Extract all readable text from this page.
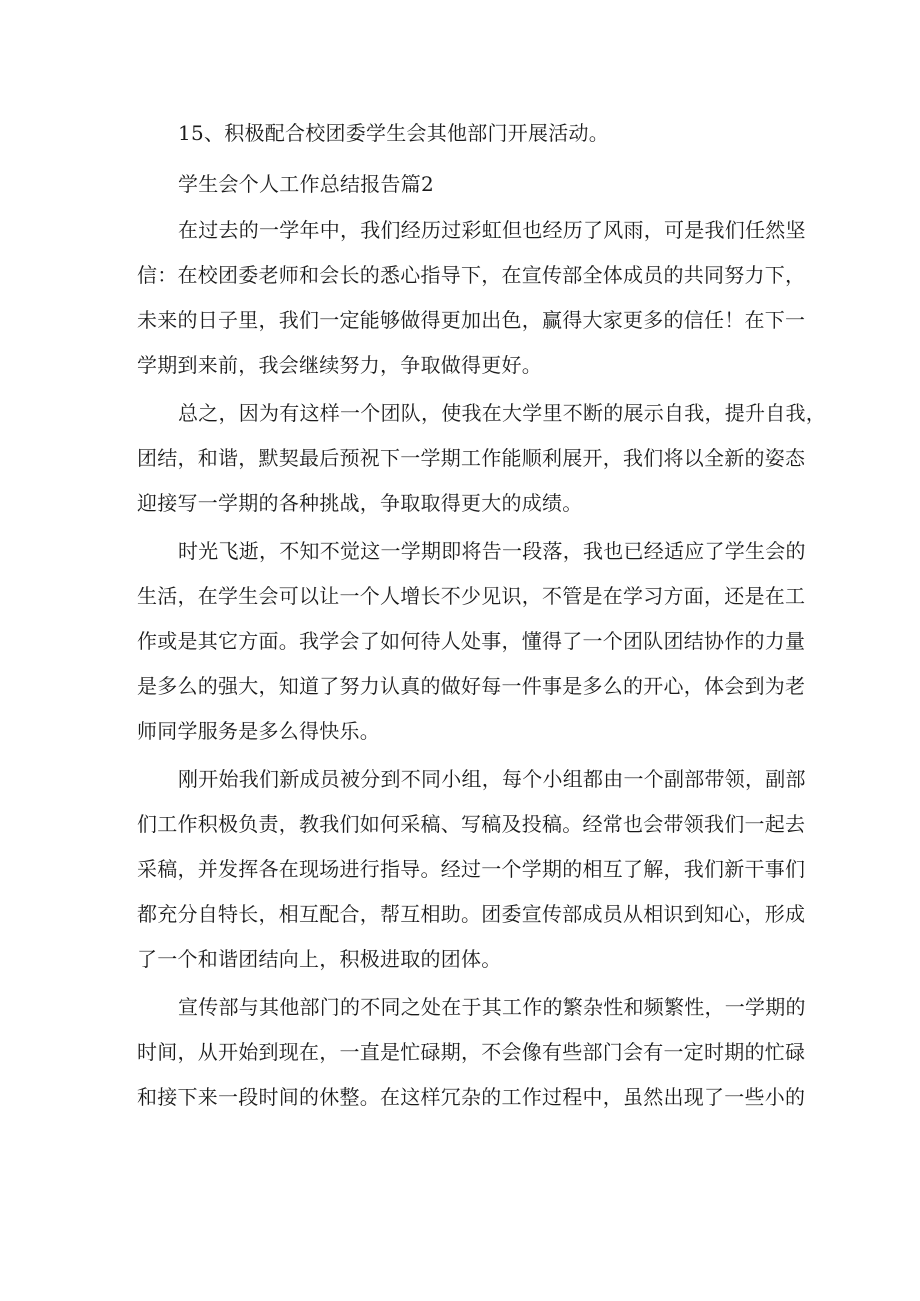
15、积极配合校团委学生会其他部门开展活动。
学生会个人工作总结报告篇2
在过去的一学年中，我们经历过彩虹但也经历了风雨，可是我们任然坚
信：在校团委老师和会长的悉心指导下，在宣传部全体成员的共同努力下，
未来的日子里，我们一定能够做得更加出色，赢得大家更多的信任！在下一
学期到来前，我会继续努力，争取做得更好。
总之，因为有这样一个团队，使我在大学里不断的展示自我，提升自我，
团结，和谐，默契最后预祝下一学期工作能顺利展开，我们将以全新的姿态
迎接写一学期的各种挑战，争取取得更大的成绩。
时光飞逝，不知不觉这一学期即将告一段落，我也已经适应了学生会的
生活，在学生会可以让一个人增长不少见识，不管是在学习方面，还是在工
作或是其它方面。我学会了如何待人处事，懂得了一个团队团结协作的力量
是多么的强大，知道了努力认真的做好每一件事是多么的开心，体会到为老
师同学服务是多么得快乐。
刚开始我们新成员被分到不同小组，每个小组都由一个副部带领，副部
们工作积极负责，教我们如何采稿、写稿及投稿。经常也会带领我们一起去
采稿，并发挥各在现场进行指导。经过一个学期的相互了解，我们新干事们
都充分自特长，相互配合，帮互相助。团委宣传部成员从相识到知心，形成
了一个和谐团结向上，积极进取的团体。
宣传部与其他部门的不同之处在于其工作的繁杂性和频繁性，一学期的
时间，从开始到现在，一直是忙碌期，不会像有些部门会有一定时期的忙碌
和接下来一段时间的休整。在这样冗杂的工作过程中，虽然出现了一些小的
